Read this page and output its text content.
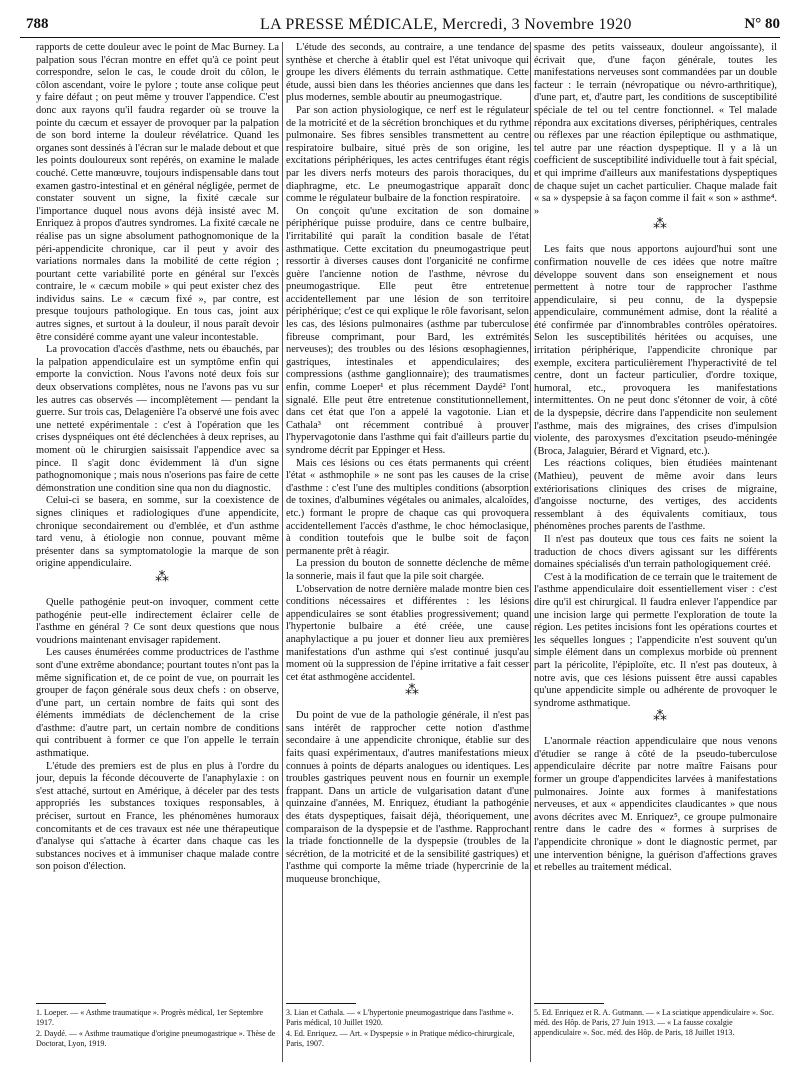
788	LA PRESSE MÉDICALE, Mercredi, 3 Novembre 1920	N° 80

rapports de cette douleur avec le point de Mac Burney. La palpation sous l'écran montre en effet qu'à ce point peut correspondre, selon le cas, le coude droit du côlon, le côlon ascendant, voire le pylore ; toute anse colique peut y faire défaut ; on peut même y trouver l'appendice. C'est donc aux rayons qu'il faudra regarder où se trouve la pointe du cæcum et essayer de provoquer par la palpation de son bord interne la douleur révélatrice. Quand les organes sont dessinés à l'écran sur le malade debout et que les points douloureux sont repérés, on examine le malade couché. Cette manœuvre, toujours indispensable dans tout examen gastro-intestinal et en général négligée, permet de constater souvent un signe, la fixité cæcale sur l'importance duquel nous avons déjà insisté avec M. Enriquez à propos d'autres syndromes. La fixité cæcale ne réalise pas un signe absolument pathognomonique de la péri-appendicite chronique, car il peut y avoir des variations normales dans la mobilité de cette région ; pourtant cette variabilité porte en général sur l'excès contraire, le « cæcum mobile » qui peut exister chez des individus sains. Le « cæcum fixé », par contre, est presque toujours pathologique. En tous cas, joint aux autres signes, et surtout à la douleur, il nous paraît devoir être considéré comme ayant une valeur incontestable.

La provocation d'accès d'asthme, nets ou ébauchés, par la palpation appendiculaire est un symptôme enfin qui emporte la conviction. Nous l'avons noté deux fois sur deux observations complètes, nous ne l'avons pas vu sur les autres cas observés — incomplètement — pendant la guerre. Sur trois cas, Delagenière l'a observé une fois avec une netteté expérimentale : c'est à l'opération que les crises dyspnéiques ont été déclenchées à deux reprises, au moment où le chirurgien saisissait l'appendice avec sa pince. Il s'agit donc évidemment là d'un signe pathognomonique ; mais nous n'oserions pas faire de cette démonstration une condition sine qua non du diagnostic.

Celui-ci se basera, en somme, sur la coexistence de signes cliniques et radiologiques d'une appendicite, chronique secondairement ou d'emblée, et d'un asthme tard venu, à étiologie non connue, pouvant même présenter dans sa symptomatologie la marque de son origine appendiculaire.

⁂

Quelle pathogénie peut-on invoquer, comment cette pathogénie peut-elle indirectement éclairer celle de l'asthme en général ? Ce sont deux questions que nous voudrions maintenant envisager rapidement.

Les causes énumérées comme productrices de l'asthme sont d'une extrême abondance; pourtant toutes n'ont pas la même signification et, de ce point de vue, on pourrait les grouper de façon générale sous deux chefs : on observe, d'une part, un certain nombre de faits qui sont des éléments immédiats de déclenchement de la crise d'asthme: d'autre part, un certain nombre de conditions qui contribuent à former ce que l'on appelle le terrain asthmatique.

L'étude des premiers est de plus en plus à l'ordre du jour, depuis la féconde découverte de l'anaphylaxie : on s'est attaché, surtout en Amérique, à déceler par des tests appropriés les substances toxiques responsables, à préciser, surtout en France, les phénomènes humoraux concomitants et de ces travaux est née une thérapeutique d'analyse qui s'attache à écarter dans chaque cas les substances nocives et à immuniser chaque malade contre son poison d'élection.

L'étude des seconds, au contraire, a une tendance de synthèse et cherche à établir quel est l'état univoque qui groupe les divers éléments du terrain asthmatique. Cette étude, aussi bien dans les théories anciennes que dans les plus modernes, semble aboutir au pneumogastrique.

Par son action physiologique, ce nerf est le régulateur de la motricité et de la sécrétion bronchiques et du rythme pulmonaire. Ses fibres sensibles transmettent au centre respiratoire bulbaire, situé près de son origine, les excitations périphériques, les actes centrifuges étant régis par les divers nerfs moteurs des parois thoraciques, du diaphragme, etc. Le pneumogastrique apparaît donc comme le régulateur bulbaire de la fonction respiratoire.

On conçoit qu'une excitation de son domaine périphérique puisse produire, dans ce centre bulbaire, l'irritabilité qui paraît la condition basale de l'état asthmatique. Cette excitation du pneumogastrique peut ressortir à diverses causes dont l'organicité ne confirme guère l'ancienne notion de l'asthme, névrose du pneumogastrique. Elle peut être entretenue accidentellement par une lésion de son territoire périphérique; c'est ce qui explique le rôle favorisant, selon les cas, des lésions pulmonaires (asthme par tuberculose fibreuse comprimant, pour Bard, les extrémités nerveuses); des troubles ou des lésions œsophagiennes, gastriques, intestinales et appendiculaires; des compressions (asthme ganglionnaire); des traumatismes enfin, comme Loeper¹ et plus récemment Daydé² l'ont signalé. Elle peut être entretenue constitutionnellement, dans cet état que l'on a appelé la vagotonie. Lian et Cathala³ ont récemment contribué à prouver l'hypervagotonie dans l'asthme qui fait d'ailleurs partie du syndrome décrit par Eppinger et Hess.

Mais ces lésions ou ces états permanents qui créent l'état « asthmophile » ne sont pas les causes de la crise d'asthme : c'est l'une des multiples conditions (absorption de toxines, d'albumines végétales ou animales, alcaloïdes, etc.) formant le propre de chaque cas qui provoquera accidentellement l'accès d'asthme, le choc hémoclasique, à condition toutefois que le bulbe soit de façon permanente prêt à réagir.

La pression du bouton de sonnette déclenche de même la sonnerie, mais il faut que la pile soit chargée.

L'observation de notre dernière malade montre bien ces conditions nécessaires et différentes : les lésions appendiculaires se sont établies progressivement; quand l'hypertonie bulbaire a été créée, une cause anaphylactique a pu jouer et donner lieu aux premières manifestations d'un asthme qui s'est continué jusqu'au moment où la suppression de l'épine irritative a fait cesser cet état asthmogène accidentel.

⁂

Du point de vue de la pathologie générale, il n'est pas sans intérêt de rapprocher cette notion d'asthme secondaire à une appendicite chronique, établie sur des faits quasi expérimentaux, d'autres manifestations mieux connues à points de départs analogues ou identiques. Les troubles gastriques peuvent nous en fournir un exemple frappant. Dans un article de vulgarisation datant d'une quinzaine d'années, M. Enriquez, étudiant la pathogénie des états dyspeptiques, faisait déjà, théoriquement, une comparaison de la dyspepsie et de l'asthme. Rapprochant la triade fonctionnelle de la dyspepsie (troubles de la sécrétion, de la motricité et de la sensibilité gastriques) et l'asthme qui comporte la même triade (hypercrinie de la muqueuse bronchique,

spasme des petits vaisseaux, douleur angoissante), il écrivait que, d'une façon générale, toutes les manifestations nerveuses sont commandées par un double facteur : le terrain (névropatique ou névro-arthritique), d'une part, et, d'autre part, les conditions de susceptibilité spéciale de tel ou tel centre fonctionnel. « Tel malade répondra aux excitations diverses, périphériques, centrales ou réflexes par une réaction épileptique ou asthmatique, tel autre par une réaction dyspeptique. Il y a là un coefficient de susceptibilité individuelle tout à fait spécial, et qui imprime d'ailleurs aux manifestations dyspeptiques de chaque sujet un cachet particulier. Chaque malade fait « sa » dyspepsie à sa façon comme il fait « son » asthme⁴. »

⁂

Les faits que nous apportons aujourd'hui sont une confirmation nouvelle de ces idées que notre maître développe souvent dans son enseignement et nous permettent à notre tour de rapprocher l'asthme appendiculaire, si peu connu, de la dyspepsie appendiculaire, communément admise, dont la réalité a été confirmée par d'innombrables contrôles opératoires. Selon les susceptibilités héritées ou acquises, une irritation périphérique, l'appendicite chronique par exemple, excitera particulièrement l'hyperactivité de tel centre, dont un facteur particulier, d'ordre toxique, humoral, etc., provoquera les manifestations intermittentes. On ne peut donc s'étonner de voir, à côté de la dyspepsie, décrire dans l'appendicite non seulement l'asthme, mais des migraines, des crises d'impulsion violente, des paroxysmes d'excitation pseudo-méningée (Broca, Jalaguier, Bérard et Vignard, etc.).

Les réactions coliques, bien étudiées maintenant (Mathieu), peuvent de même avoir dans leurs extériorisations cliniques des crises de migraine, d'angoisse nocturne, des vertiges, des accidents ressemblant à des équivalents comitiaux, tous phénomènes proches parents de l'asthme.

Il n'est pas douteux que tous ces faits ne soient la traduction de chocs divers agissant sur les différents domaines spécialisés d'un terrain pathologiquement créé.

C'est à la modification de ce terrain que le traitement de l'asthme appendiculaire doit essentiellement viser : c'est dire qu'il est chirurgical. Il faudra enlever l'appendice par une incision large qui permette l'exploration de toute la région. Les petites incisions font les opérations courtes et les séquelles longues ; l'appendicite n'est souvent qu'un simple élément dans un complexus morbide où prennent part la péricolite, l'épiploïte, etc. Il n'est pas douteux, à notre avis, que ces lésions puissent être aussi capables qu'une appendicite simple ou adhérente de provoquer le syndrome asthmatique.

⁂

L'anormale réaction appendiculaire que nous venons d'étudier se range à côté de la pseudo-tuberculose appendiculaire décrite par notre maître Faisans pour former un groupe d'appendicites larvées à manifestations pulmonaires. Jointe aux formes à manifestations nerveuses, et aux « appendicites claudicantes » que nous avons décrites avec M. Enriquez⁵, ce groupe pulmonaire rentre dans le cadre des « formes à surprises de l'appendicite chronique » dont le diagnostic permet, par une intervention bénigne, la guérison d'affections graves et rebelles au traitement médical.

1. Loeper. — « Asthme traumatique ». Progrès médical, 1er Septembre 1917.
2. Daydé. — « Asthme traumatique d'origine pneumogastrique ». Thèse de Doctorat, Lyon, 1919.
3. Lian et Cathala. — « L'hypertonie pneumogastrique dans l'asthme ». Paris médical, 10 Juillet 1920.
4. Ed. Enriquez. — Art. « Dyspepsie » in Pratique médico-chirurgicale, Paris, 1907.
5. Ed. Enriquez et R. A. Gutmann. — « La sciatique appendiculaire ». Soc. méd. des Hôp. de Paris, 27 Juin 1913. — « La fausse coxalgie appendiculaire ». Soc. méd. des Hôp. de Paris, 18 Juillet 1913.
